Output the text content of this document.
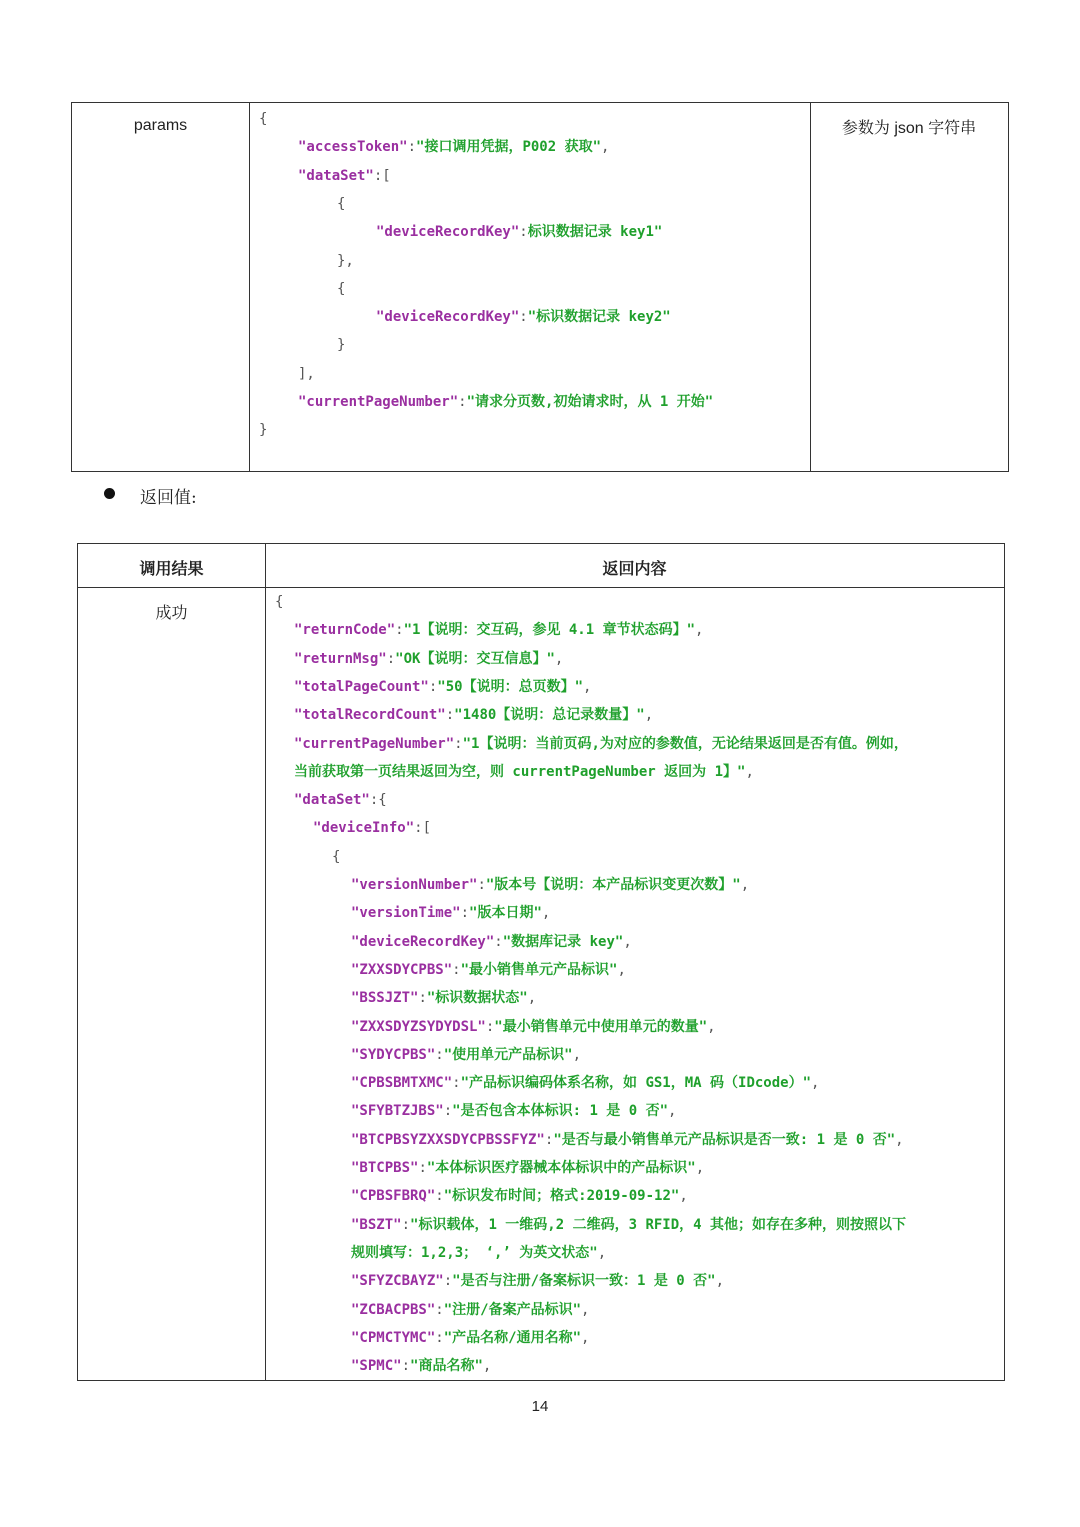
params	{
"accessToken":"接口调用凭据，P002 获取",
"dataSet":[
{
"deviceRecordKey":标识数据记录 key1"
},
{
"deviceRecordKey":"标识数据记录 key2"
}
],
"currentPageNumber":"请求分页数,初始请求时，从 1 开始"
}
参数为 json 字符串
返回值:
调用结果	返回内容
成功
{
"returnCode":"1【说明：交互码，参见 4.1 章节状态码】",
"returnMsg":"OK【说明：交互信息】",
"totalPageCount":"50【说明：总页数】",
"totalRecordCount":"1480【说明：总记录数量】",
"currentPageNumber":"1【说明：当前页码,为对应的参数值，无论结果返回是否有值。例如，
当前获取第一页结果返回为空，则 currentPageNumber 返回为 1】",
"dataSet":{
"deviceInfo":[
{
"versionNumber":"版本号【说明：本产品标识变更次数】",
"versionTime":"版本日期",
"deviceRecordKey":"数据库记录 key",
"ZXXSDYCPBS":"最小销售单元产品标识",
"BSSJZT":"标识数据状态",
"ZXXSDYZSYDYDSL":"最小销售单元中使用单元的数量",
"SYDYCPBS":"使用单元产品标识",
"CPBSBMTXMC":"产品标识编码体系名称，如 GS1，MA 码（IDcode）",
"SFYBTZJBS":"是否包含本体标识: 1 是 0 否",
"BTCPBSYZXXSDYCPBSSFYZ":"是否与最小销售单元产品标识是否一致: 1 是 0 否",
"BTCPBS":"本体标识医疗器械本体标识中的产品标识",
"CPBSFBRQ":"标识发布时间；格式:2019-09-12",
"BSZT":"标识载体，1 一维码,2 二维码，3 RFID，4 其他；如存在多种，则按照以下
规则填写：1,2,3； ‘,’ 为英文状态",
"SFYZCBAYZ":"是否与注册/备案标识一致：1 是 0 否",
"ZCBACPBS":"注册/备案产品标识",
"CPMCTYMC":"产品名称/通用名称",
"SPMC":"商品名称",
14
